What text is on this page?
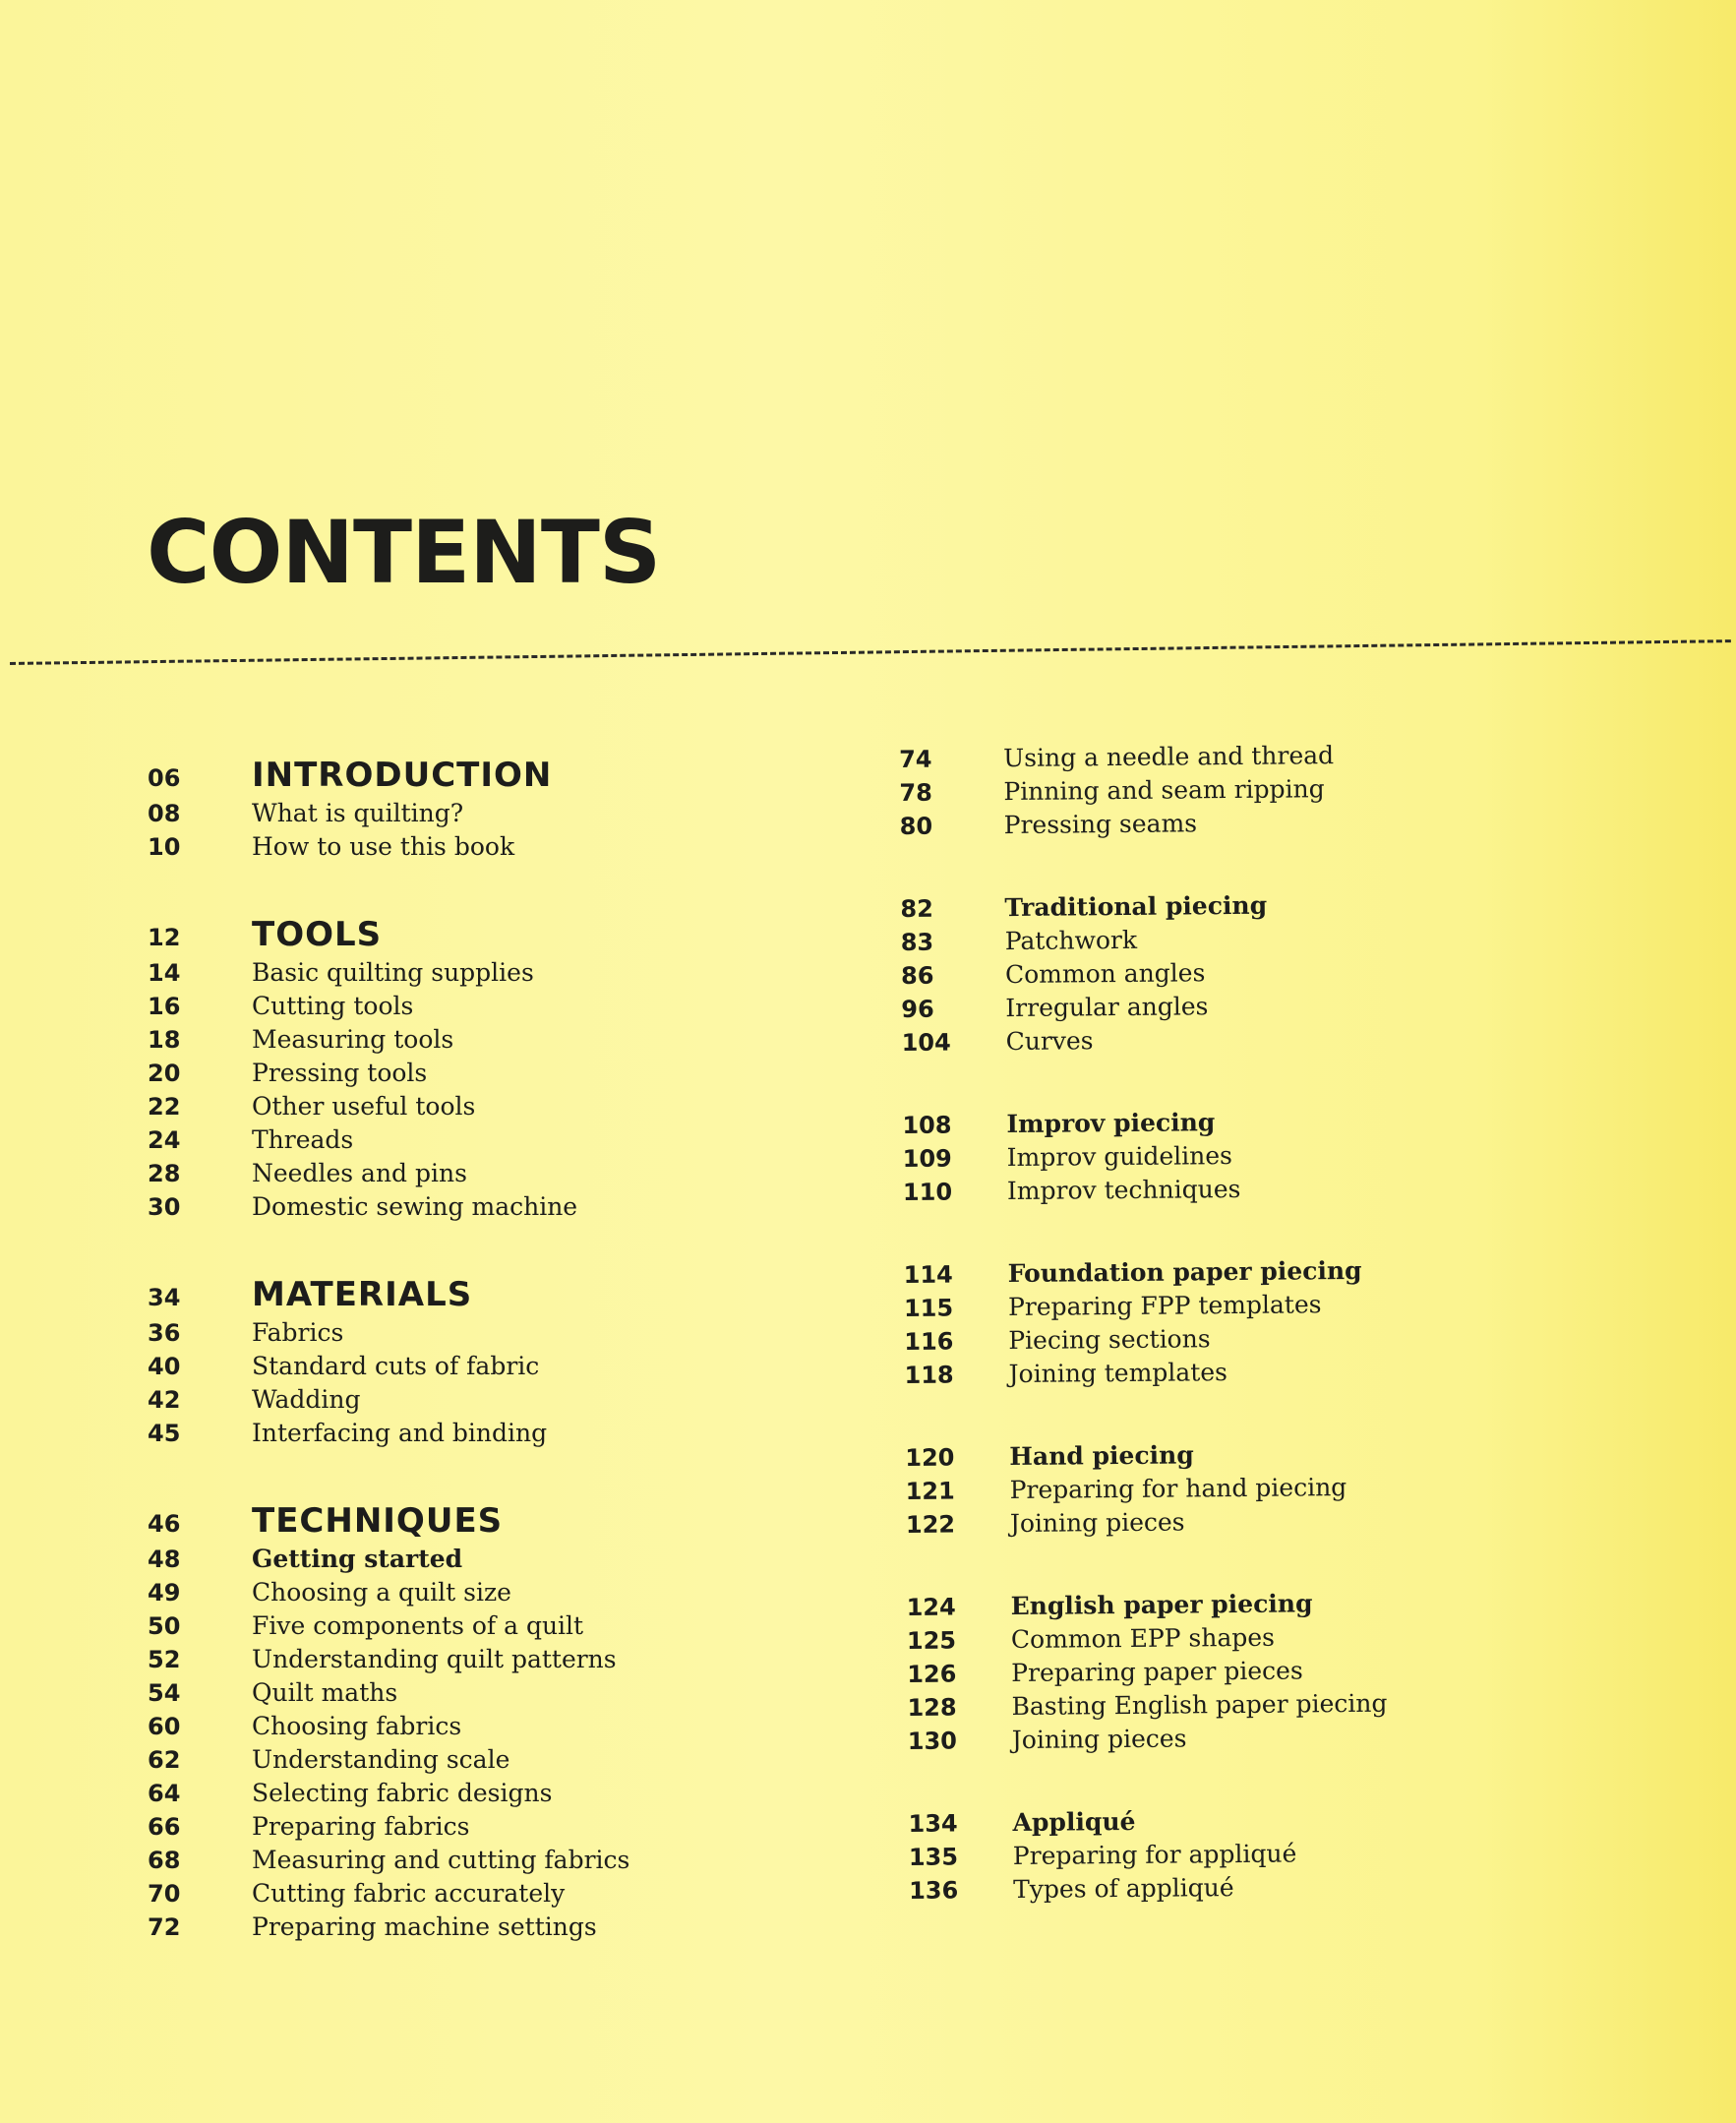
CONTENTS
06	INTRODUCTION
08	What is quilting?
10	How to use this book
12	TOOLS
14	Basic quilting supplies
16	Cutting tools
18	Measuring tools
20	Pressing tools
22	Other useful tools
24	Threads
28	Needles and pins
30	Domestic sewing machine
34	MATERIALS
36	Fabrics
40	Standard cuts of fabric
42	Wadding
45	Interfacing and binding
46	TECHNIQUES
48	Getting started
49	Choosing a quilt size
50	Five components of a quilt
52	Understanding quilt patterns
54	Quilt maths
60	Choosing fabrics
62	Understanding scale
64	Selecting fabric designs
66	Preparing fabrics
68	Measuring and cutting fabrics
70	Cutting fabric accurately
72	Preparing machine settings
74	Using a needle and thread
78	Pinning and seam ripping
80	Pressing seams
82	Traditional piecing
83	Patchwork
86	Common angles
96	Irregular angles
104	Curves
108	Improv piecing
109	Improv guidelines
110	Improv techniques
114	Foundation paper piecing
115	Preparing FPP templates
116	Piecing sections
118	Joining templates
120	Hand piecing
121	Preparing for hand piecing
122	Joining pieces
124	English paper piecing
125	Common EPP shapes
126	Preparing paper pieces
128	Basting English paper piecing
130	Joining pieces
134	Appliqué
135	Preparing for appliqué
136	Types of appliqué
